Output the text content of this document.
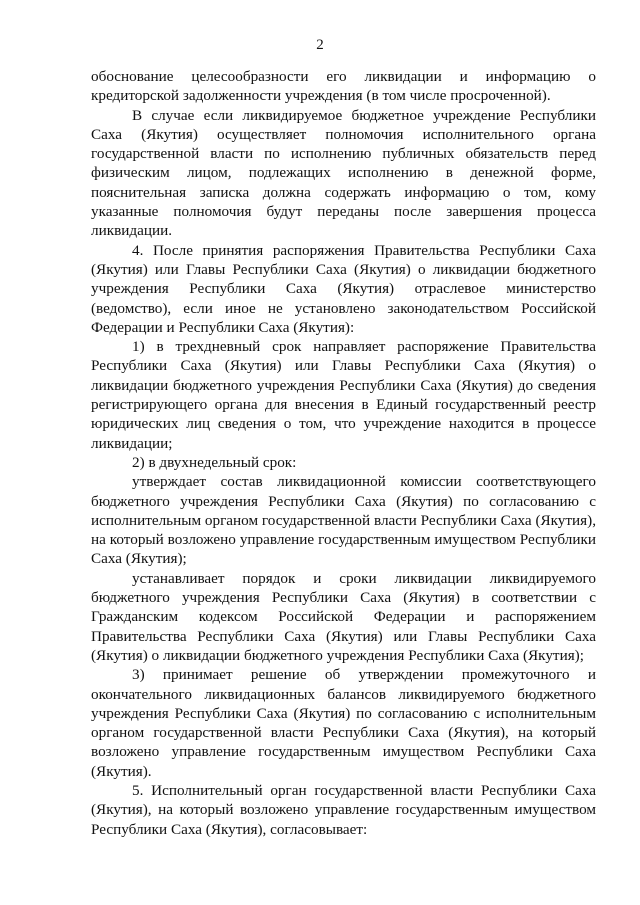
2

обоснование целесообразности его ликвидации и информацию о кредиторской задолженности учреждения (в том числе просроченной).

В случае если ликвидируемое бюджетное учреждение Республики Саха (Якутия) осуществляет полномочия исполнительного органа государственной власти по исполнению публичных обязательств перед физическим лицом, подлежащих исполнению в денежной форме, пояснительная записка должна содержать информацию о том, кому указанные полномочия будут переданы после завершения процесса ликвидации.

4. После принятия распоряжения Правительства Республики Саха (Якутия) или Главы Республики Саха (Якутия) о ликвидации бюджетного учреждения Республики Саха (Якутия) отраслевое министерство (ведомство), если иное не установлено законодательством Российской Федерации и Республики Саха (Якутия):

1) в трехдневный срок направляет распоряжение Правительства Республики Саха (Якутия) или Главы Республики Саха (Якутия) о ликвидации бюджетного учреждения Республики Саха (Якутия) до сведения регистрирующего органа для внесения в Единый государственный реестр юридических лиц сведения о том, что учреждение находится в процессе ликвидации;

2) в двухнедельный срок:

утверждает состав ликвидационной комиссии соответствующего бюджетного учреждения Республики Саха (Якутия) по согласованию с исполнительным органом государственной власти Республики Саха (Якутия), на который возложено управление государственным имуществом Республики Саха (Якутия);

устанавливает порядок и сроки ликвидации ликвидируемого бюджетного учреждения Республики Саха (Якутия) в соответствии с Гражданским кодексом Российской Федерации и распоряжением Правительства Республики Саха (Якутия) или Главы Республики Саха (Якутия) о ликвидации бюджетного учреждения Республики Саха (Якутия);

3) принимает решение об утверждении промежуточного и окончательного ликвидационных балансов ликвидируемого бюджетного учреждения Республики Саха (Якутия) по согласованию с исполнительным органом государственной власти Республики Саха (Якутия), на который возложено управление государственным имуществом Республики Саха (Якутия).

5. Исполнительный орган государственной власти Республики Саха (Якутия), на который возложено управление государственным имуществом Республики Саха (Якутия), согласовывает:
